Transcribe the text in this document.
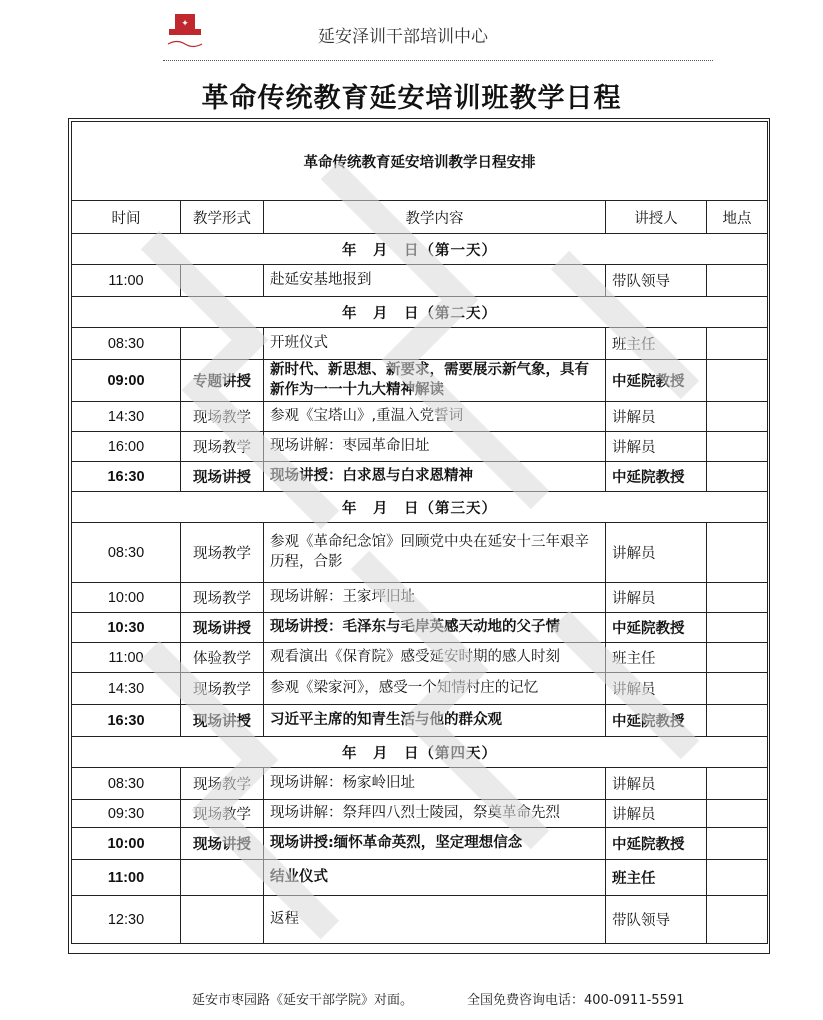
✦
延安泽训干部培训中心
革命传统教育延安培训班教学日程
革命传统教育延安培训教学日程安排				
时间	教学形式	教学内容	讲授人	地点
年　月　日（第一天）				
11:00		赴延安基地报到	带队领导	
年　月　日（第二天）				
08:30		开班仪式	班主任	
09:00	专题讲授	新时代、新思想、新要求，需要展示新气象，具有新作为一一十九大精神解读	中延院教授	
14:30	现场教学	参观《宝塔山》,重温入党誓词	讲解员	
16:00	现场教学	现场讲解：枣园革命旧址	讲解员	
16:30	现场讲授	现场讲授：白求恩与白求恩精神	中延院教授	
年　月　日（第三天）				
08:30	现场教学	参观《革命纪念馆》回顾党中央在延安十三年艰辛历程，合影	讲解员	
10:00	现场教学	现场讲解：王家坪旧址	讲解员	
10:30	现场讲授	现场讲授：毛泽东与毛岸英感天动地的父子情	中延院教授	
11:00	体验教学	观看演出《保育院》感受延安时期的感人时刻	班主任	
14:30	现场教学	参观《梁家河》，感受一个知情村庄的记忆	讲解员	
16:30	现场讲授	习近平主席的知青生活与他的群众观	中延院教授	
年　月　日（第四天）				
08:30	现场教学	现场讲解：杨家岭旧址	讲解员	
09:30	现场教学	现场讲解：祭拜四八烈士陵园，祭奠革命先烈	讲解员	
10:00	现场讲授	现场讲授:缅怀革命英烈，坚定理想信念	中延院教授	
11:00		结业仪式	班主任	
12:30		返程	带队领导	
延安市枣园路《延安干部学院》对面。	全国免费咨询电话：400-0911-5591
